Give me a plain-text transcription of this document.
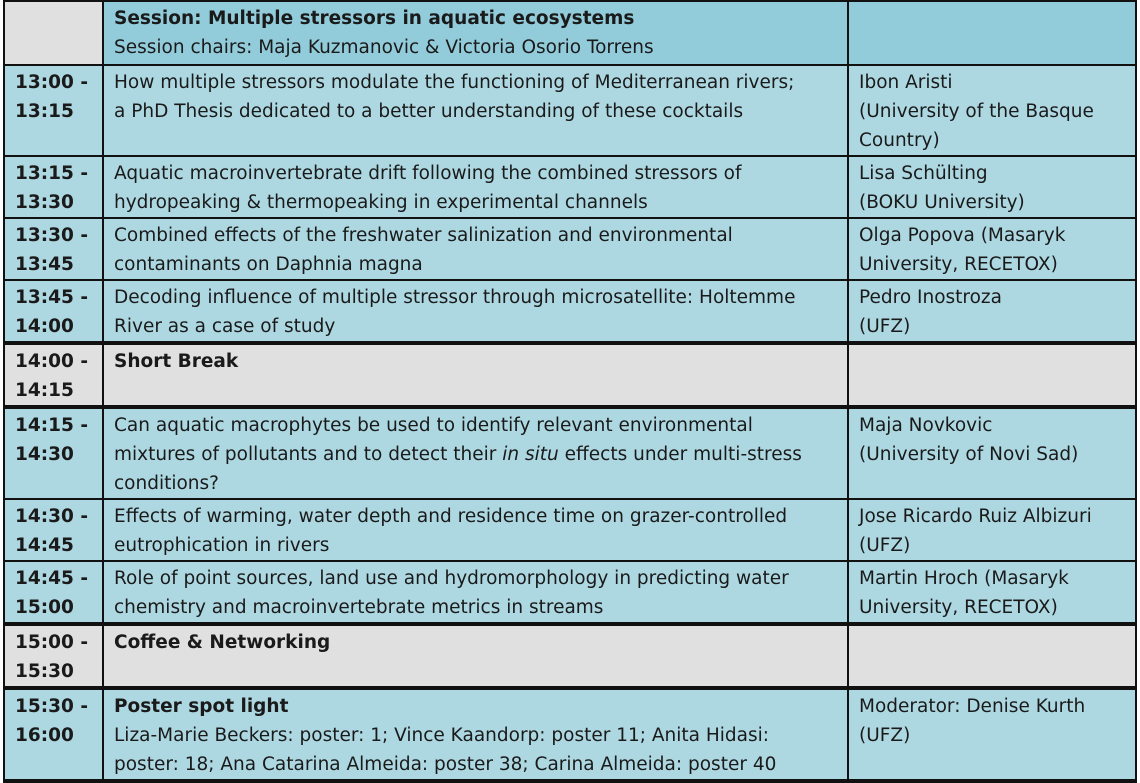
	Session: Multiple stressors in aquatic ecosystems
Session chairs: Maja Kuzmanovic & Victoria Osorio Torrens	

13:00 -
13:15	How multiple stressors modulate the functioning of Mediterranean rivers;
a PhD Thesis dedicated to a better understanding of these cocktails	Ibon Aristi
(University of the Basque
Country)

13:15 -
13:30	Aquatic macroinvertebrate drift following the combined stressors of
hydropeaking & thermopeaking in experimental channels	Lisa Schülting
(BOKU University)

13:30 -
13:45	Combined effects of the freshwater salinization and environmental
contaminants on Daphnia magna	Olga Popova (Masaryk
University, RECETOX)

13:45 -
14:00	Decoding influence of multiple stressor through microsatellite: Holtemme
River as a case of study	Pedro Inostroza
(UFZ)

14:00 -
14:15	Short Break	

14:15 -
14:30	Can aquatic macrophytes be used to identify relevant environmental
mixtures of pollutants and to detect their in situ effects under multi-stress
conditions?	Maja Novkovic
(University of Novi Sad)

14:30 -
14:45	Effects of warming, water depth and residence time on grazer-controlled
eutrophication in rivers	Jose Ricardo Ruiz Albizuri
(UFZ)

14:45 -
15:00	Role of point sources, land use and hydromorphology in predicting water
chemistry and macroinvertebrate metrics in streams	Martin Hroch (Masaryk
University, RECETOX)

15:00 -
15:30	Coffee & Networking	

15:30 -
16:00	Poster spot light
Liza-Marie Beckers: poster: 1; Vince Kaandorp: poster 11; Anita Hidasi:
poster: 18; Ana Catarina Almeida: poster 38; Carina Almeida: poster 40	Moderator: Denise Kurth
(UFZ)
